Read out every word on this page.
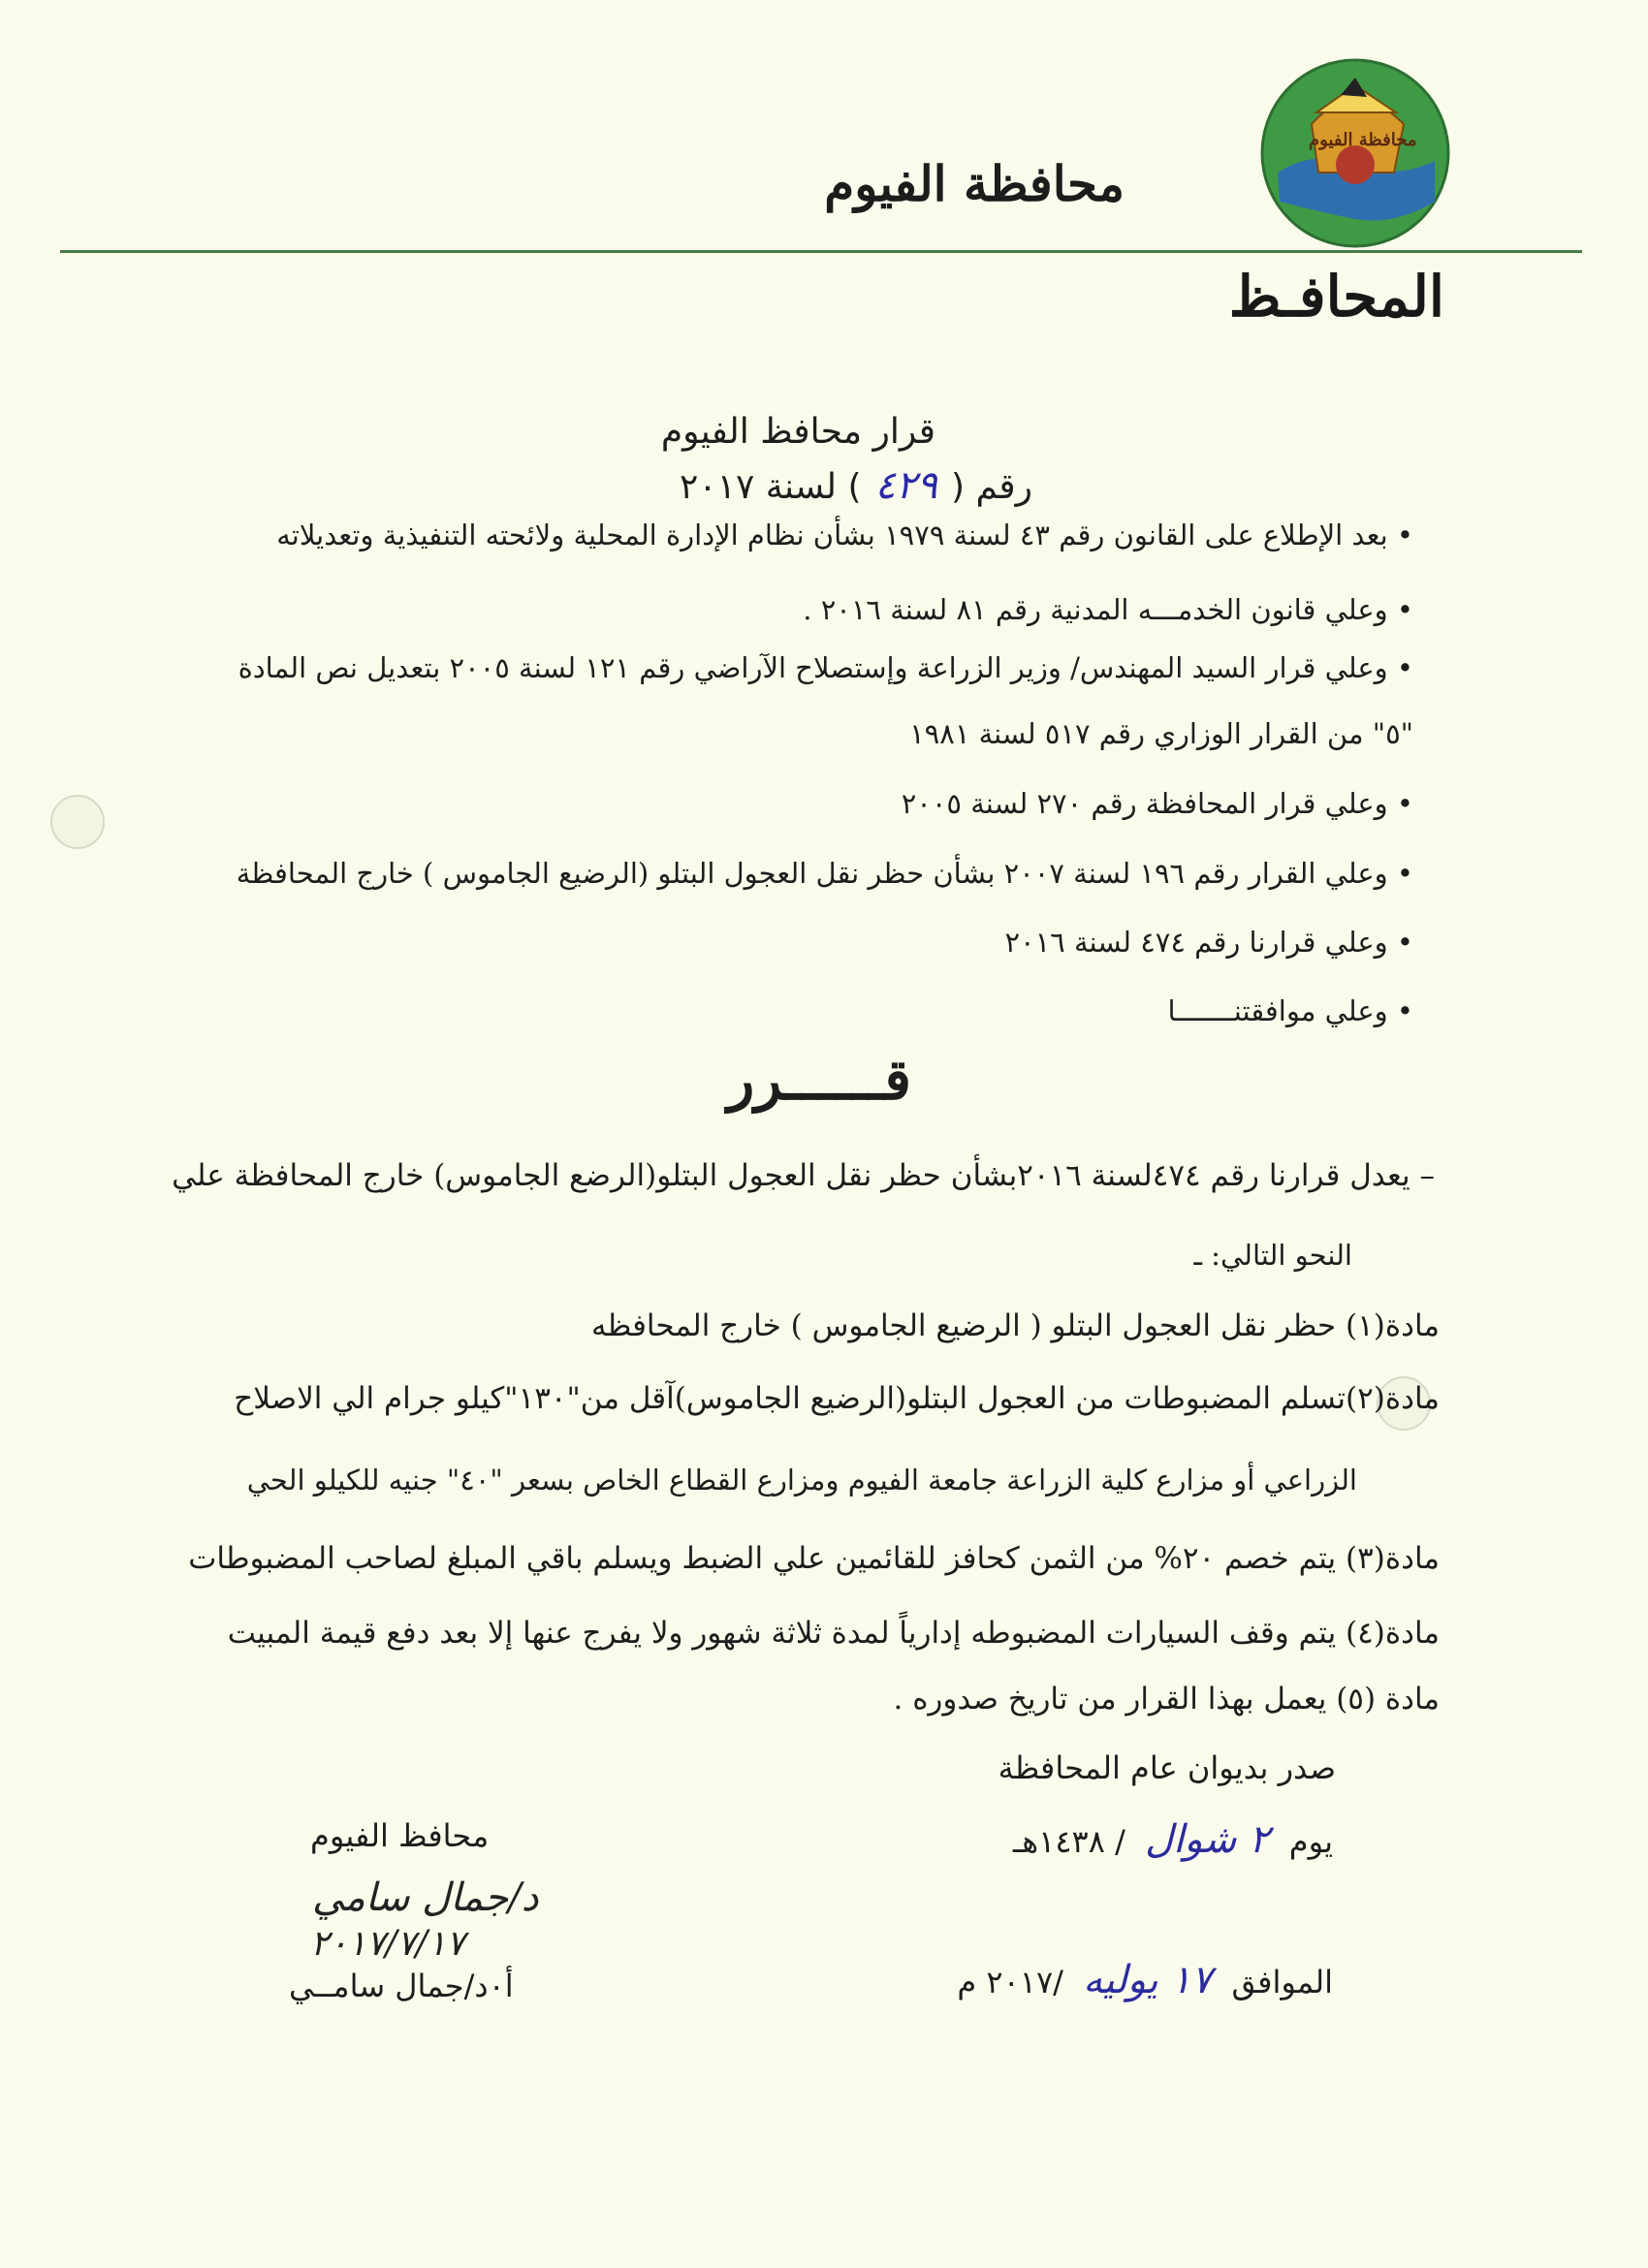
محافظة الفيوم
محافظة الفيوم
المحافـظ
قرار محافظ الفيوم
رقم (٤٢٩) لسنة ٢٠١٧
• بعد الإطلاع على القانون رقم ٤٣ لسنة ١٩٧٩ بشأن نظام الإدارة المحلية ولائحته التنفيذية وتعديلاته
• وعلي قانون الخدمـــه المدنية رقم ٨١ لسنة ٢٠١٦ .
• وعلي قرار السيد المهندس/ وزير الزراعة وإستصلاح الآراضي رقم ١٢١ لسنة ٢٠٠٥ بتعديل نص المادة
"٥" من القرار الوزاري رقم ٥١٧ لسنة ١٩٨١
• وعلي قرار المحافظة رقم ٢٧٠ لسنة ٢٠٠٥
• وعلي القرار رقم ١٩٦ لسنة ٢٠٠٧ بشأن حظر نقل العجول البتلو (الرضيع الجاموس ) خارج المحافظة
• وعلي قرارنا رقم ٤٧٤ لسنة ٢٠١٦
• وعلي موافقتنـــــــا
قــــــرر
– يعدل قرارنا رقم ٤٧٤لسنة ٢٠١٦بشأن حظر نقل العجول البتلو(الرضع الجاموس) خارج المحافظة علي
النحو التالي: ـ
مادة(١) حظر نقل العجول البتلو ( الرضيع الجاموس ) خارج المحافظه
مادة(٢)تسلم المضبوطات من العجول البتلو(الرضيع الجاموس)آقل من"١٣٠"كيلو جرام الي الاصلاح
الزراعي أو مزارع كلية الزراعة جامعة الفيوم ومزارع القطاع الخاص بسعر "٤٠" جنيه للكيلو الحي
مادة(٣) يتم خصم ٢٠% من الثمن كحافز للقائمين علي الضبط ويسلم باقي المبلغ لصاحب المضبوطات
مادة(٤) يتم وقف السيارات المضبوطه إدارياً لمدة ثلاثة شهور ولا يفرج عنها إلا بعد دفع قيمة المبيت
مادة (٥) يعمل بهذا القرار من تاريخ صدوره .
صدر بديوان عام المحافظة
يوم ٢ شوال / ١٤٣٨هـ
الموافق ١٧ يوليه /٢٠١٧ م
محافظ الفيوم
د/جمال سامي
٢٠١٧/٧/١٧
أ٠د/جمال سامــي
